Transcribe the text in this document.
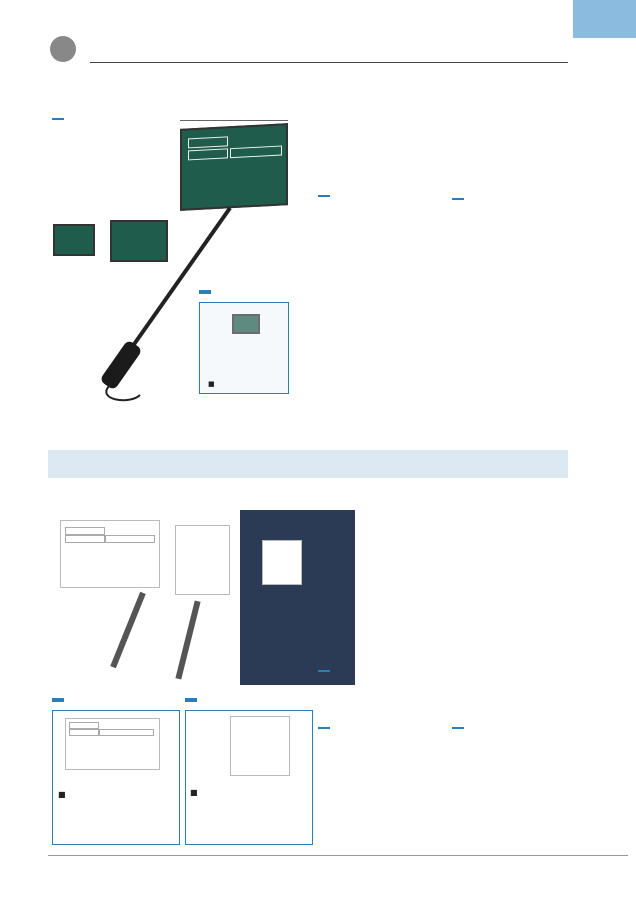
■
■	■
